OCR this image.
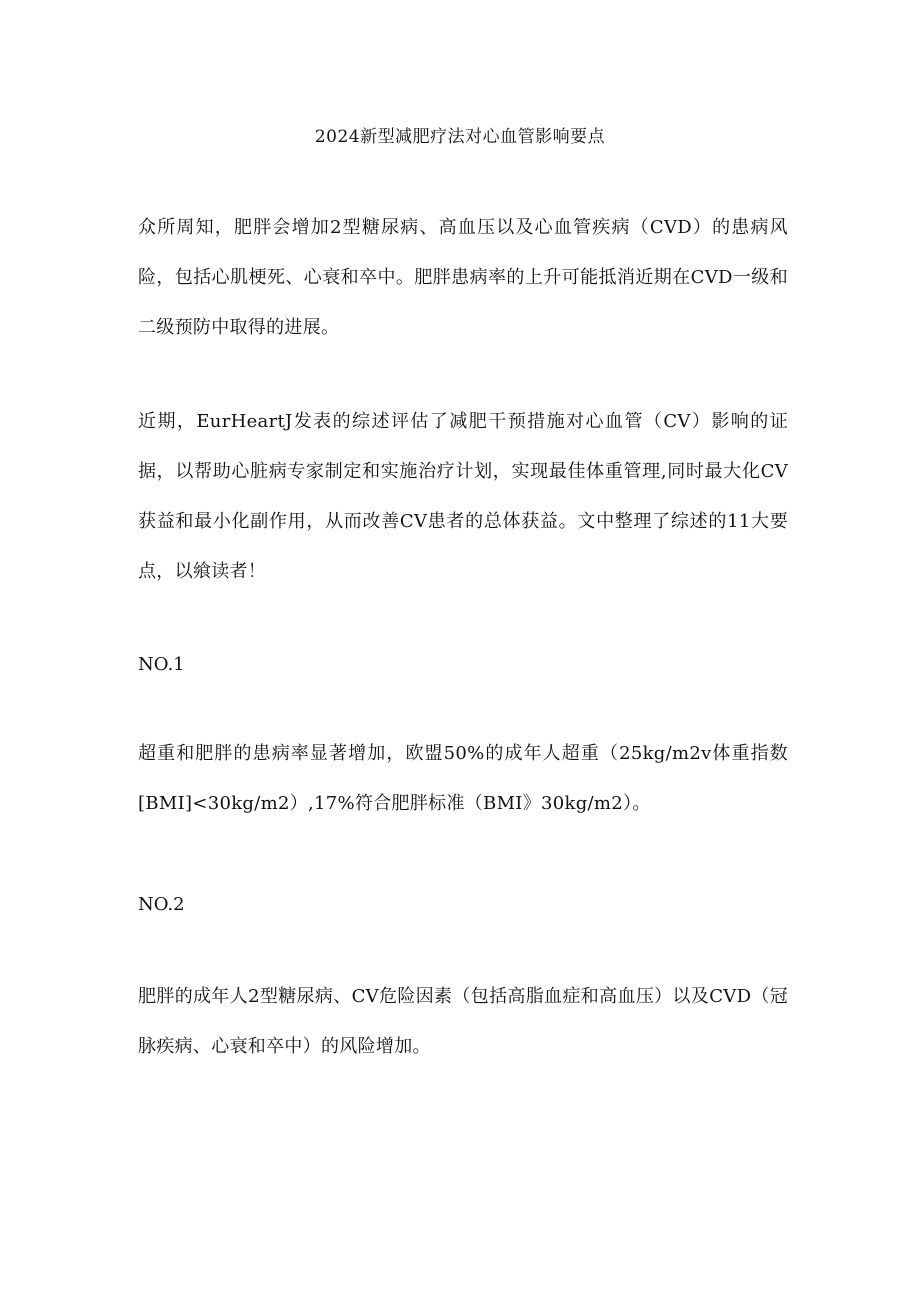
2024新型减肥疗法对心血管影响要点

众所周知，肥胖会增加2型糖尿病、高血压以及心血管疾病（CVD）的患病风险，包括心肌梗死、心衰和卒中。肥胖患病率的上升可能抵消近期在CVD一级和二级预防中取得的进展。

近期，EurHeartJ发表的综述评估了减肥干预措施对心血管（CV）影响的证据，以帮助心脏病专家制定和实施治疗计划，实现最佳体重管理,同时最大化CV获益和最小化副作用，从而改善CV患者的总体获益。文中整理了综述的11大要点，以飨读者！

NO.1

超重和肥胖的患病率显著增加，欧盟50%的成年人超重（25kg∕m2v体重指数[BMI]<30kg∕m2）,17%符合肥胖标准（BMI》30kg∕m2）。

NO.2

肥胖的成年人2型糖尿病、CV危险因素（包括高脂血症和高血压）以及CVD（冠脉疾病、心衰和卒中）的风险增加。
